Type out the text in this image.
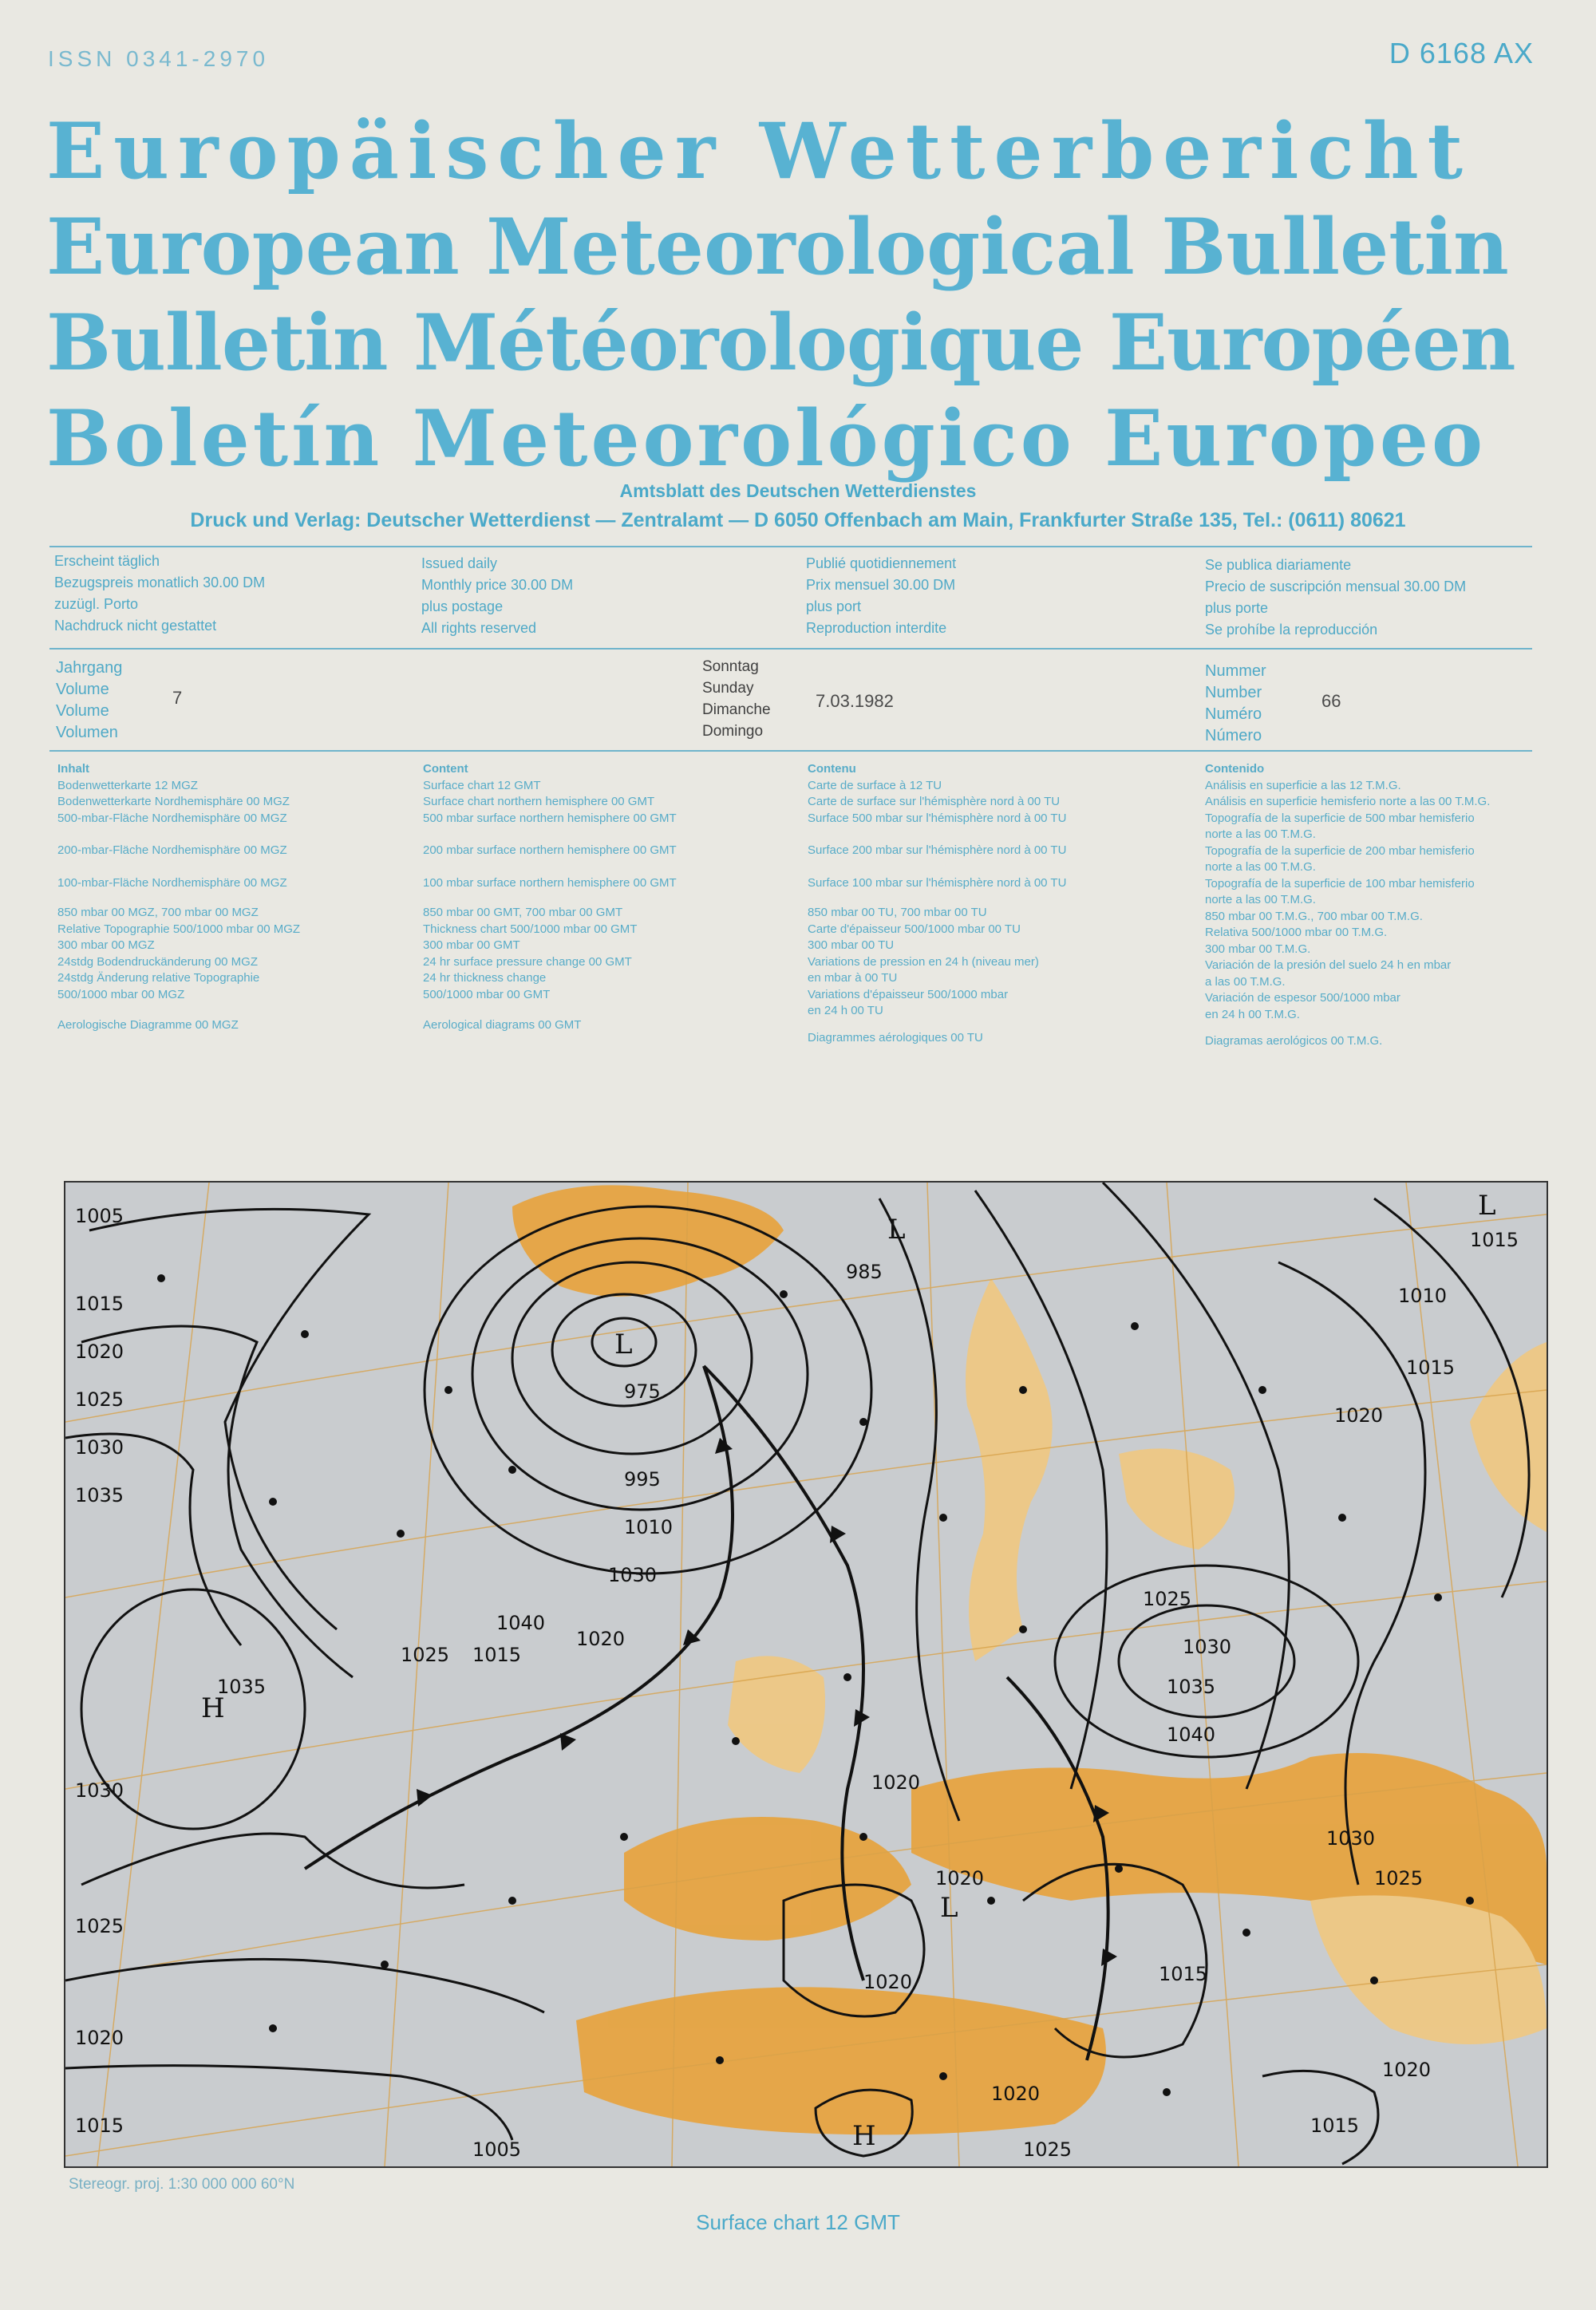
ISSN 0341-2970	D 6168 AX
Europäischer Wetterbericht
European Meteorological Bulletin
Bulletin Météorologique Européen
Boletín Meteorológico Europeo
Amtsblatt des Deutschen Wetterdienstes
Druck und Verlag: Deutscher Wetterdienst — Zentralamt — D 6050 Offenbach am Main, Frankfurter Straße 135, Tel.: (0611) 80621
Erscheint täglich
Bezugspreis monatlich 30.00 DM
zuzügl. Porto
Nachdruck nicht gestattet
Issued daily
Monthly price 30.00 DM
plus postage
All rights reserved
Publié quotidiennement
Prix mensuel 30.00 DM
plus port
Reproduction interdite
Se publica diariamente
Precio de suscripción mensual 30.00 DM
plus porte
Se prohíbe la reproducción
Jahrgang
Volume
Volume
Volumen
7
Sonntag
Sunday
Dimanche
Domingo
7.03.1982
Nummer
Number
Numéro
Número
66
Inhalt
Bodenwetterkarte 12 MGZ
Bodenwetterkarte Nordhemisphäre 00 MGZ
500-mbar-Fläche Nordhemisphäre 00 MGZ
200-mbar-Fläche Nordhemisphäre 00 MGZ
100-mbar-Fläche Nordhemisphäre 00 MGZ
850 mbar 00 MGZ, 700 mbar 00 MGZ
Relative Topographie 500/1000 mbar 00 MGZ
300 mbar 00 MGZ
24stdg Bodendruckänderung 00 MGZ
24stdg Änderung relative Topographie
500/1000 mbar 00 MGZ
Aerologische Diagramme 00 MGZ
Content
Surface chart 12 GMT
Surface chart northern hemisphere 00 GMT
500 mbar surface northern hemisphere 00 GMT
200 mbar surface northern hemisphere 00 GMT
100 mbar surface northern hemisphere 00 GMT
850 mbar 00 GMT, 700 mbar 00 GMT
Thickness chart 500/1000 mbar 00 GMT
300 mbar 00 GMT
24 hr surface pressure change 00 GMT
24 hr thickness change
500/1000 mbar 00 GMT
Aerological diagrams 00 GMT
Contenu
Carte de surface à 12 TU
Carte de surface sur l'hémisphère nord à 00 TU
Surface 500 mbar sur l'hémisphère nord à 00 TU
Surface 200 mbar sur l'hémisphère nord à 00 TU
Surface 100 mbar sur l'hémisphère nord à 00 TU
850 mbar 00 TU, 700 mbar 00 TU
Carte d'épaisseur 500/1000 mbar 00 TU
300 mbar 00 TU
Variations de pression en 24 h (niveau mer)
en mbar à 00 TU
Variations d'épaisseur 500/1000 mbar
en 24 h 00 TU
Diagrammes aérologiques 00 TU
Contenido
Análisis en superficie a las 12 T.M.G.
Análisis en superficie hemisferio norte a las 00 T.M.G.
Topografía de la superficie de 500 mbar hemisferio
norte a las 00 T.M.G.
Topografía de la superficie de 200 mbar hemisferio
norte a las 00 T.M.G.
Topografía de la superficie de 100 mbar hemisferio
norte a las 00 T.M.G.
850 mbar 00 T.M.G., 700 mbar 00 T.M.G.
Relativa 500/1000 mbar 00 T.M.G.
300 mbar 00 T.M.G.
Variación de la presión del suelo 24 h en mbar
a las 00 T.M.G.
Variación de espesor 500/1000 mbar
en 24 h 00 T.M.G.
Diagramas aerológicos 00 T.M.G.
1005
1015
1020
1025
1030
1035
985
975
995
1010
1030
1025 1015
1020
1040
1035
1030
1025
1020
1015
1005
1015
1010
1015
1020
1025
1030
1035
1040
1030
1025
1020
1020
1020	1015
1020
1025
1015
1020
L
L
H
L
H
L
Stereogr. proj. 1:30 000 000 60°N
Surface chart 12 GMT
